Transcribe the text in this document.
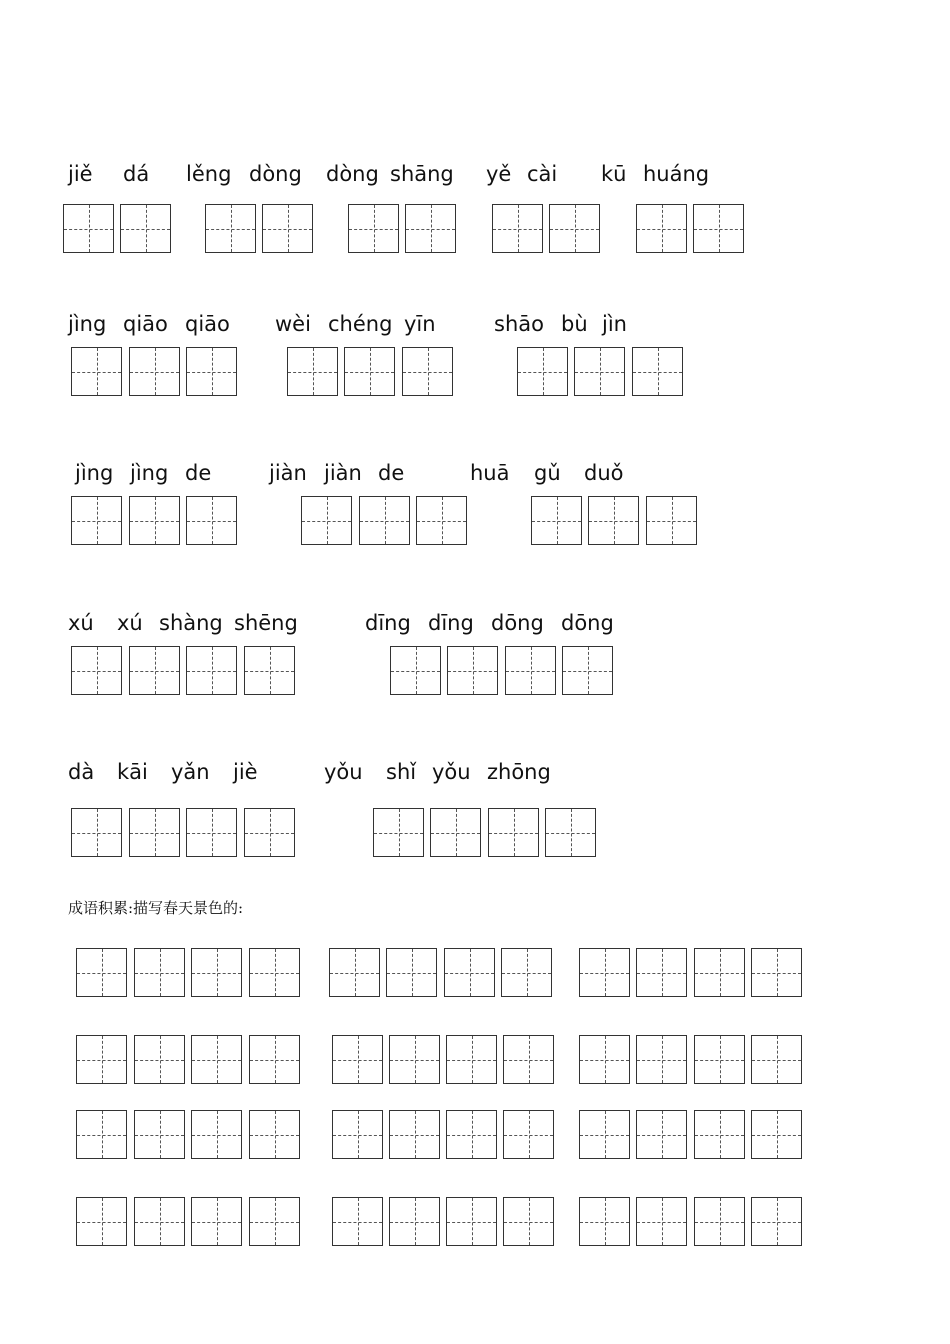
jiě dá lěng dòng dòng shāng yě cài kū huáng
jìng qiāo qiāo wèi chéng yīn	shāo bù jìn
jìng jìng de	jiàn jiàn de	huā gǔ duǒ
xú xú shàng shēng	dīng dīng dōng dōng
dà kāi yǎn jiè	yǒu shǐ yǒu zhōng
成语积累:描写春天景色的:
